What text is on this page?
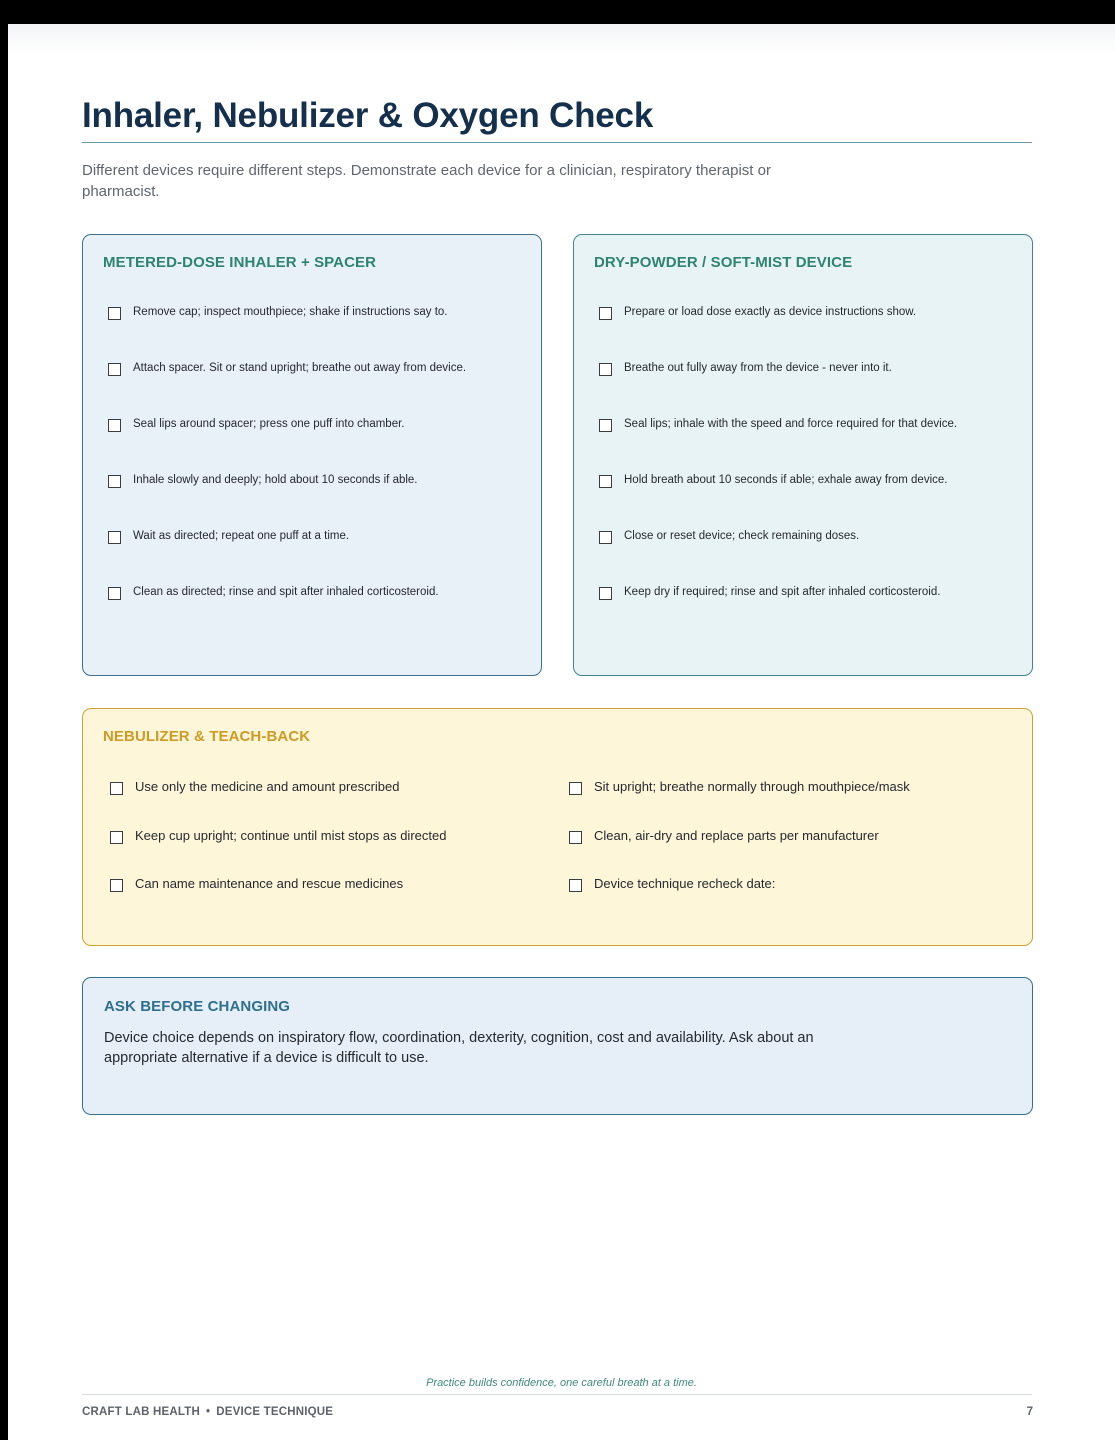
Inhaler, Nebulizer & Oxygen Check

Different devices require different steps. Demonstrate each device for a clinician, respiratory therapist or pharmacist.

METERED-DOSE INHALER + SPACER
Remove cap; inspect mouthpiece; shake if instructions say to.
Attach spacer. Sit or stand upright; breathe out away from device.
Seal lips around spacer; press one puff into chamber.
Inhale slowly and deeply; hold about 10 seconds if able.
Wait as directed; repeat one puff at a time.
Clean as directed; rinse and spit after inhaled corticosteroid.
DRY-POWDER / SOFT-MIST DEVICE
Prepare or load dose exactly as device instructions show.
Breathe out fully away from the device - never into it.
Seal lips; inhale with the speed and force required for that device.
Hold breath about 10 seconds if able; exhale away from device.
Close or reset device; check remaining doses.
Keep dry if required; rinse and spit after inhaled corticosteroid.
NEBULIZER & TEACH-BACK
Use only the medicine and amount prescribed	Sit upright; breathe normally through mouthpiece/mask
Keep cup upright; continue until mist stops as directed	Clean, air-dry and replace parts per manufacturer
Can name maintenance and rescue medicines	Device technique recheck date:
ASK BEFORE CHANGING

Device choice depends on inspiratory flow, coordination, dexterity, cognition, cost and availability. Ask about an appropriate alternative if a device is difficult to use.

Practice builds confidence, one careful breath at a time.

CRAFT LAB HEALTH • DEVICE TECHNIQUE	7
